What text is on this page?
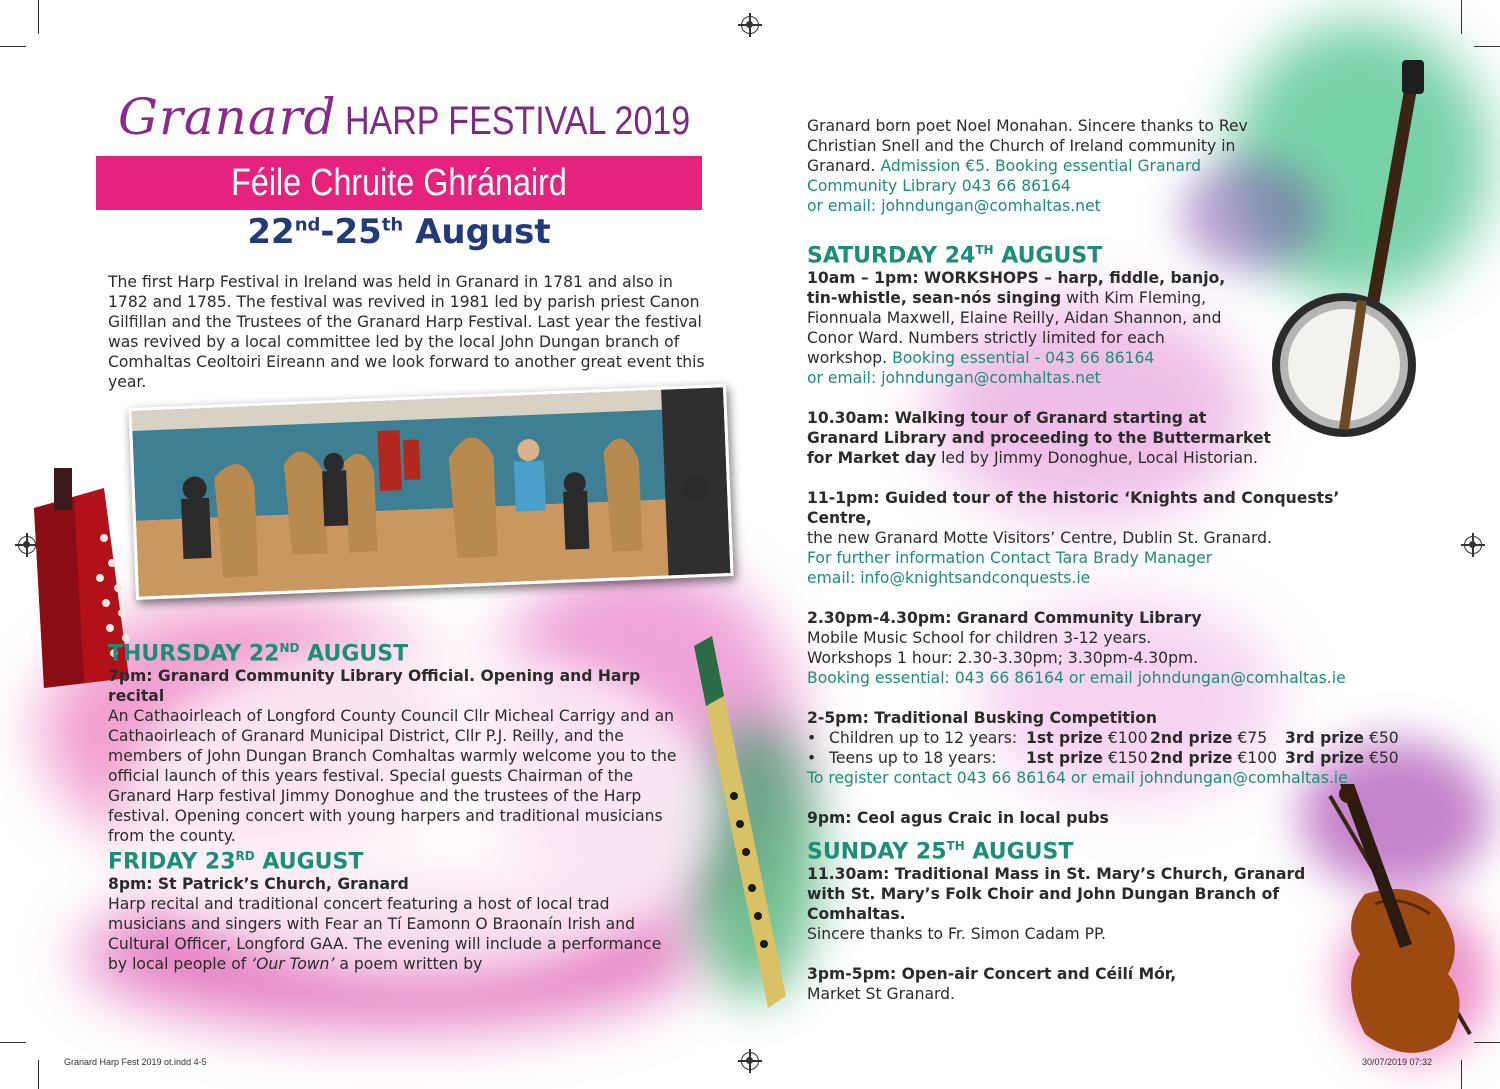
Granard HARP FESTIVAL 2019
Féile Chruite Ghránaird
22nd-25th August
The first Harp Festival in Ireland was held in Granard in 1781 and also in 1782 and 1785. The festival was revived in 1981 led by parish priest Canon Gilfillan and the Trustees of the Granard Harp Festival. Last year the festival was revived by a local committee led by the local John Dungan branch of Comhaltas Ceoltoiri Eireann and we look forward to another great event this year.
THURSDAY 22ND AUGUST
7pm: Granard Community Library Official. Opening and Harp recital
An Cathaoirleach of Longford County Council Cllr Micheal Carrigy and an Cathaoirleach of Granard Municipal District, Cllr P.J. Reilly, and the members of John Dungan Branch Comhaltas warmly welcome you to the official launch of this years festival. Special guests Chairman of the Granard Harp festival Jimmy Donoghue and the trustees of the Harp festival. Opening concert with young harpers and traditional musicians from the county.
FRIDAY 23RD AUGUST
8pm: St Patrick’s Church, Granard
Harp recital and traditional concert featuring a host of local trad musicians and singers with Fear an Tí Eamonn O Braonaín Irish and Cultural Officer, Longford GAA. The evening will include a performance by local people of ‘Our Town’ a poem written by
Granard born poet Noel Monahan. Sincere thanks to Rev Christian Snell and the Church of Ireland community in Granard. Admission €5. Booking essential Granard Community Library 043 66 86164
or email: johndungan@comhaltas.net
SATURDAY 24TH AUGUST
10am – 1pm: WORKSHOPS – harp, fiddle, banjo, tin-whistle, sean-nós singing with Kim Fleming, Fionnuala Maxwell, Elaine Reilly, Aidan Shannon, and Conor Ward. Numbers strictly limited for each workshop. Booking essential - 043 66 86164
or email: johndungan@comhaltas.net
10.30am: Walking tour of Granard starting at Granard Library and proceeding to the Buttermarket for Market day led by Jimmy Donoghue, Local Historian.
11-1pm: Guided tour of the historic ‘Knights and Conquests’ Centre,
the new Granard Motte Visitors’ Centre, Dublin St. Granard.
For further information Contact Tara Brady Manager
email: info@knightsandconquests.ie
2.30pm-4.30pm: Granard Community Library
Mobile Music School for children 3-12 years.
Workshops 1 hour: 2.30-3.30pm; 3.30pm-4.30pm.
Booking essential: 043 66 86164 or email johndungan@comhaltas.ie
2-5pm: Traditional Busking Competition
• Children up to 12 years: 1st prize €100 2nd prize €75 3rd prize €50
• Teens up to 18 years: 1st prize €150 2nd prize €100 3rd prize €50
To register contact 043 66 86164 or email johndungan@comhaltas.ie
9pm: Ceol agus Craic in local pubs
SUNDAY 25TH AUGUST
11.30am: Traditional Mass in St. Mary’s Church, Granard with St. Mary’s Folk Choir and John Dungan Branch of Comhaltas.
Sincere thanks to Fr. Simon Cadam PP.
3pm-5pm: Open-air Concert and Céilí Mór,
Market St Granard.
Granard Harp Fest 2019 ot.indd 4-5	30/07/2019 07:32
